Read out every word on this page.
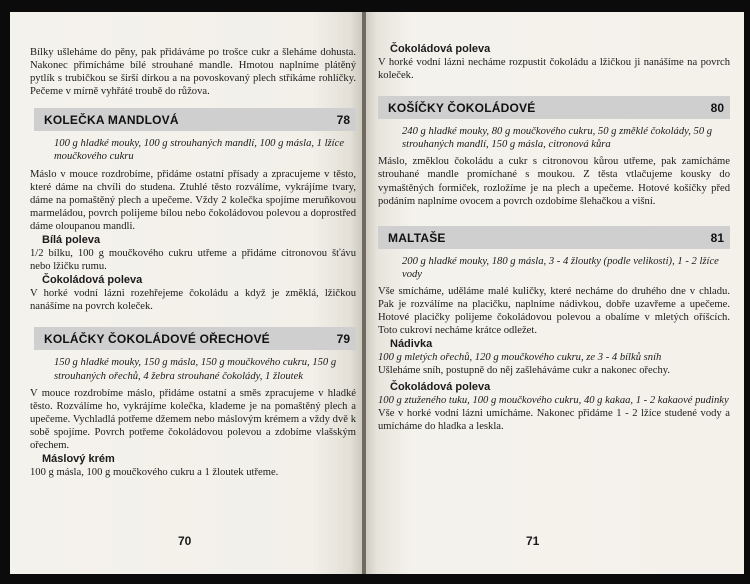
Bílky ušleháme do pěny, pak přidáváme po trošce cukr a šleháme dohusta. Nakonec přimícháme bílé strouhané mandle. Hmotou naplníme plátěný pytlík s trubičkou se širší dírkou a na povoskovaný plech stříkáme rohlíčky. Pečeme v mírně vyhřáté troubě do růžova.

KOLEČKA MANDLOVÁ	78

100 g hladké mouky, 100 g strouhaných mandlí, 100 g másla, 1 lžíce moučkového cukru

Máslo v mouce rozdrobíme, přidáme ostatní přísady a zpracujeme v těsto, které dáme na chvíli do studena. Ztuhlé těsto rozválíme, vykrájíme tvary, dáme na pomaštěný plech a upečeme. Vždy 2 kolečka spojíme meruňkovou marmeládou, povrch polijeme bílou nebo čokoládovou polevou a doprostřed dáme oloupanou mandli.

Bílá poleva

1/2 bílku, 100 g moučkového cukru utřeme a přidáme citronovou šťávu nebo lžičku rumu.

Čokoládová poleva

V horké vodní lázni rozehřejeme čokoládu a když je změklá, lžičkou nanášíme na povrch koleček.

KOLÁČKY ČOKOLÁDOVÉ OŘECHOVÉ	79

150 g hladké mouky, 150 g másla, 150 g moučkového cukru, 150 g strouhaných ořechů, 4 žebra strouhané čokolády, 1 žloutek

V mouce rozdrobíme máslo, přidáme ostatní a směs zpracujeme v hladké těsto. Rozválíme ho, vykrájíme kolečka, klademe je na pomaštěný plech a upečeme. Vychladlá potřeme džemem nebo máslovým krémem a vždy dvě k sobě spojíme. Povrch potřeme čokoládovou polevou a zdobíme vlašským ořechem.

Máslový krém

100 g másla, 100 g moučkového cukru a 1 žloutek utřeme.

70
Čokoládová poleva

V horké vodní lázni necháme rozpustit čokoládu a lžičkou ji nanášíme na povrch koleček.

KOŠÍČKY ČOKOLÁDOVÉ	80

240 g hladké mouky, 80 g moučkového cukru, 50 g změklé čokolády, 50 g strouhaných mandlí, 150 g másla, citronová kůra

Máslo, změklou čokoládu a cukr s citronovou kůrou utřeme, pak zamícháme strouhané mandle promíchané s moukou. Z těsta vtlačujeme kousky do vymaštěných formiček, rozložíme je na plech a upečeme. Hotové košíčky před podáním naplníme ovocem a povrch ozdobíme šlehačkou a višní.

MALTAŠE	81

200 g hladké mouky, 180 g másla, 3 - 4 žloutky (podle velikosti), 1 - 2 lžíce vody

Vše smícháme, uděláme malé kuličky, které necháme do druhého dne v chladu. Pak je rozválíme na placičku, naplníme nádivkou, dobře uzavřeme a upečeme. Hotové placičky polijeme čokoládovou polevou a obalíme v mletých oříšcích. Toto cukroví necháme krátce odležet.

Nádivka

100 g mletých ořechů, 120 g moučkového cukru, ze 3 - 4 bílků sníh

Ušleháme sníh, postupně do něj zašleháváme cukr a nakonec ořechy.

Čokoládová poleva

100 g ztuženého tuku, 100 g moučkového cukru, 40 g kakaa, 1 - 2 kakaové pudinky

Vše v horké vodní lázni umícháme. Nakonec přidáme 1 - 2 lžíce studené vody a umícháme do hladka a leskla.

71
